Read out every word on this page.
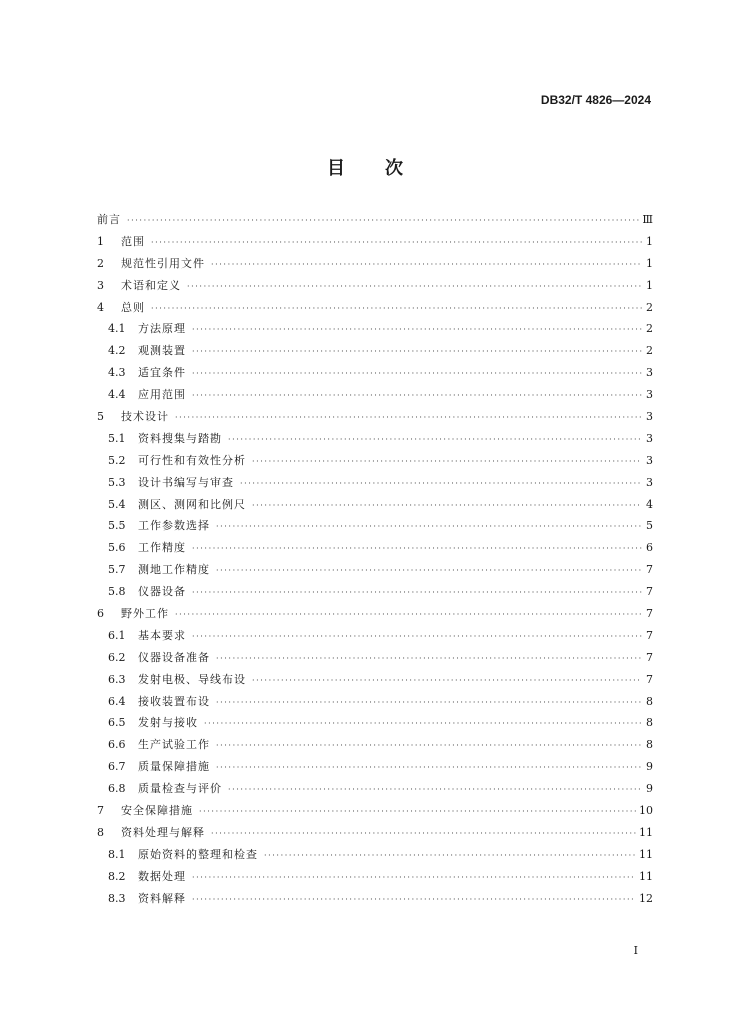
DB32/T 4826—2024
目 次
前言 ·····	Ⅲ
1	范围 ·····	1
2	规范性引用文件 ·····	1
3	术语和定义 ·····	1
4	总则 ·····	2
4.1	方法原理 ·····	2
4.2	观测装置 ·····	2
4.3	适宜条件 ·····	3
4.4	应用范围 ·····	3
5	技术设计 ·····	3
5.1	资料搜集与踏勘 ·····	3
5.2	可行性和有效性分析 ·····	3
5.3	设计书编写与审查 ·····	3
5.4	测区、测网和比例尺 ·····	4
5.5	工作参数选择 ·····	5
5.6	工作精度 ·····	6
5.7	测地工作精度 ·····	7
5.8	仪器设备 ·····	7
6	野外工作 ·····	7
6.1	基本要求 ·····	7
6.2	仪器设备准备 ·····	7
6.3	发射电极、导线布设 ·····	7
6.4	接收装置布设 ·····	8
6.5	发射与接收 ·····	8
6.6	生产试验工作 ·····	8
6.7	质量保障措施 ·····	9
6.8	质量检查与评价 ·····	9
7	安全保障措施 ·····	10
8	资料处理与解释 ·····	11
8.1	原始资料的整理和检查 ·····	11
8.2	数据处理 ·····	11
8.3	资料解释 ·····	12
I
